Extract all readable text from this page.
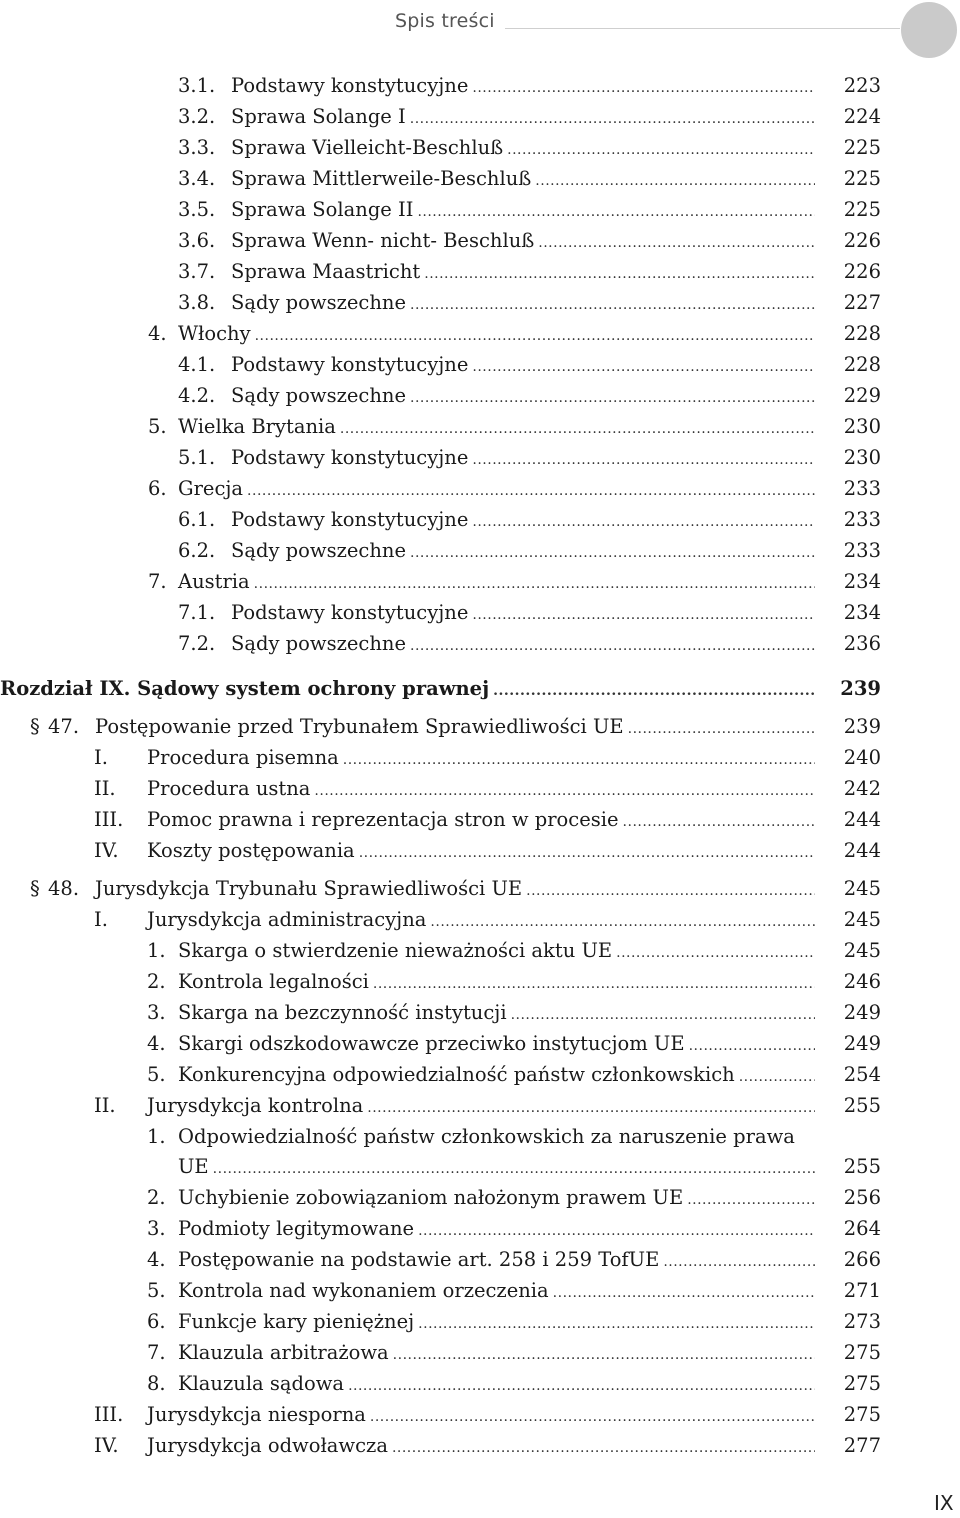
Spis treści
3.1. Podstawy konstytucyjne .....	223
3.2. Sprawa Solange I .....	224
3.3. Sprawa Vielleicht-Beschluß .....	225
3.4. Sprawa Mittlerweile-Beschluß .....	225
3.5. Sprawa Solange II .....	225
3.6. Sprawa Wenn- nicht- Beschluß .....	226
3.7. Sprawa Maastricht .....	226
3.8. Sądy powszechne .....	227
4. Włochy .....	228
4.1. Podstawy konstytucyjne .....	228
4.2. Sądy powszechne .....	229
5. Wielka Brytania .....	230
5.1. Podstawy konstytucyjne .....	230
6. Grecja .....	233
6.1. Podstawy konstytucyjne .....	233
6.2. Sądy powszechne .....	233
7. Austria .....	234
7.1. Podstawy konstytucyjne .....	234
7.2. Sądy powszechne .....	236
Rozdział IX. Sądowy system ochrony prawnej .....	239
§ 47. Postępowanie przed Trybunałem Sprawiedliwości UE .....	239
I. Procedura pisemna .....	240
II. Procedura ustna .....	242
III. Pomoc prawna i reprezentacja stron w procesie .....	244
IV. Koszty postępowania .....	244
§ 48. Jurysdykcja Trybunału Sprawiedliwości UE .....	245
I. Jurysdykcja administracyjna .....	245
1. Skarga o stwierdzenie nieważności aktu UE .....	245
2. Kontrola legalności .....	246
3. Skarga na bezczynność instytucji .....	249
4. Skargi odszkodowawcze przeciwko instytucjom UE .....	249
5. Konkurencyjna odpowiedzialność państw członkowskich .....	254
II. Jurysdykcja kontrolna .....	255
1. Odpowiedzialność państw członkowskich za naruszenie prawa
UE .....	255
2. Uchybienie zobowiązaniom nałożonym prawem UE .....	256
3. Podmioty legitymowane .....	264
4. Postępowanie na podstawie art. 258 i 259 TofUE .....	266
5. Kontrola nad wykonaniem orzeczenia .....	271
6. Funkcje kary pieniężnej .....	273
7. Klauzula arbitrażowa .....	275
8. Klauzula sądowa .....	275
III. Jurysdykcja niesporna .....	275
IV. Jurysdykcja odwoławcza .....	277
IX
